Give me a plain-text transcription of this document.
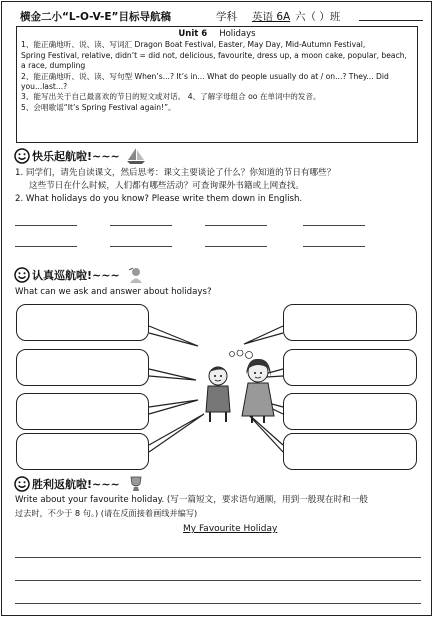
横金二小“L-O-V-E”目标导航稿	学科 英语 6A 六（ ）班
Unit 6 Holidays
1、能正确地听、说、读、写词汇 Dragon Boat Festival, Easter, May Day, Mid-Autumn Festival,
Spring Festival, relative, didn’t = did not, delicious, favourite, dress up, a moon cake, popular, beach, a race, dumpling
2、能正确地听、说、读、写句型 When’s...? It’s in... What do people usually do at / on...? They... Did you...last...?
3、能写出关于自己最喜欢的节日的短文或对话。 4、了解字母组合 oo 在单词中的发音。
5、会唱歌谣“It’s Spring Festival again!”。
快乐起航啦!~~~
1. 同学们，请先自读课文，然后思考：课文主要谈论了什么？你知道的节日有哪些？
这些节日在什么时候，人们都有哪些活动？可查询课外书籍或上网查找。
2. What holidays do you know? Please write them down in English.
认真巡航啦!~~~
What can we ask and answer about holidays?
胜利返航啦!~~~
Write about your favourite holiday. (写一篇短文，要求语句通顺，用到一般现在时和一般
过去时，不少于 8 句。) (请在反面接着画线并编写)
My Favourite Holiday
